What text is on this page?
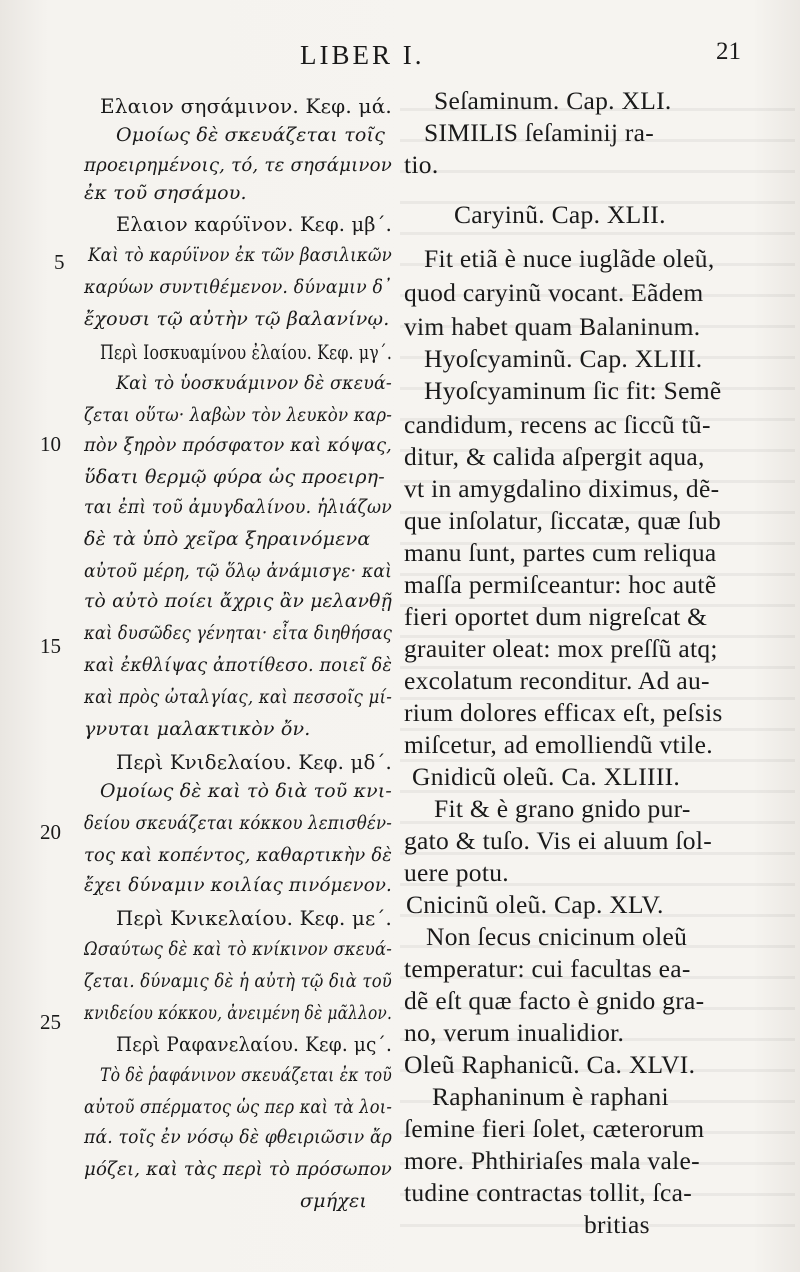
LIBER I.	21
Ελαιον σησάμινον. Κεφ. μά.
Ομοίως δὲ σκευάζεται τοῖς
πρoειρημένοις, τό, τε σησάμινον
ἐκ τοῦ σησάμου.
Ελαιον καρύϊνον. Κεφ. μβ΄.
Καὶ τὸ καρύϊνον ἐκ τῶν βασιλικῶν
καρύων συντιθέμενον. δύναμιν δ᾽
ἔχουσι τῷ αὐτὴν τῷ βαλανίνῳ.
Περὶ Ιοσκυαμίνου ἐλαίου. Κεφ. μγ΄.
Καὶ τὸ ὑοσκυάμινον δὲ σκευά-
ζεται οὕτω· λαβὼν τὸν λευκὸν καρ-
πὸν ξηρὸν πρόσφατον καὶ κόψας,
ὕδατι θερμῷ φύρα ὡς προειρη-
ται ἐπὶ τοῦ ἀμυγδαλίνου. ἡλιάζων
δὲ τὰ ὑπὸ χεῖρα ξηραινόμενα
αὐτοῦ μέρη, τῷ ὅλῳ ἀνάμισγε· καὶ
τὸ αὐτὸ ποίει ἄχρις ἂν μελανθῇ
καὶ δυσῶδες γένηται· εἶτα διηθήσας
καὶ ἐκθλίψας ἀποτίθεσο. ποιεῖ δὲ
καὶ πρὸς ὠταλγίας, καὶ πεσσοῖς μί-
γνυται μαλακτικὸν ὄν.
Περὶ Κνιδελαίου. Κεφ. μδ΄.
Ομοίως δὲ καὶ τὸ διὰ τοῦ κνι-
δείου σκευάζεται κόκκου λεπισθέν-
τος καὶ κοπέντος, καθαρτικὴν δὲ
ἔχει δύναμιν κοιλίας πινόμενον.
Περὶ Κνικελαίου. Κεφ. με΄.
Ωσαύτως δὲ καὶ τὸ κνίκινον σκευά-
ζεται. δύναμις δὲ ἡ αὐτὴ τῷ διὰ τοῦ
κνιδείου κόκκου, ἀνειμένη δὲ μᾶλλον.
Περὶ Ραφανελαίου. Κεφ. μς΄.
Τὸ δὲ ῥαφάνινον σκευάζεται ἐκ τοῦ
αὐτοῦ σπέρματος ὡς περ καὶ τὰ λοι-
πά. τοῖς ἐν νόσῳ δὲ φθειριῶσιν ἄρ
μόζει, καὶ τὰς περὶ τὸ πρόσωπον
σμήχει
Seſaminum. Cap. XLI.
SIMILIS ſeſaminij ra-
tio.
Caryinũ. Cap. XLII.
Fit etiã è nuce iuglãde oleũ,
quod caryinũ vocant. Eãdem
vim habet quam Balaninum.
Hyoſcyaminũ. Cap. XLIII.
Hyoſcyaminum ſic fit: Semẽ
candidum, recens ac ſiccũ tũ-
ditur, & calida aſpergit aqua,
vt in amygdalino diximus, dẽ-
que inſolatur, ſiccatæ, quæ ſub
manu ſunt, partes cum reliqua
maſſa permiſceantur: hoc autẽ
fieri oportet dum nigreſcat &
grauiter oleat: mox preſſũ atq;
excolatum reconditur. Ad au-
rium dolores efficax eſt, peſsis
miſcetur, ad emolliendũ vtile.
Gnidicũ oleũ. Ca. XLIIII.
Fit & è grano gnido pur-
gato & tuſo. Vis ei aluum ſol-
uere potu.
Cnicinũ oleũ. Cap. XLV.
Non ſecus cnicinum oleũ
temperatur: cui facultas ea-
dẽ eſt quæ facto è gnido gra-
no, verum inualidior.
Oleũ Raphanicũ. Ca. XLVI.
Raphaninum è raphani
ſemine fieri ſolet, cæterorum
more. Phthiriaſes mala vale-
tudine contractas tollit, ſca-
britias
5
10
15
20
25
